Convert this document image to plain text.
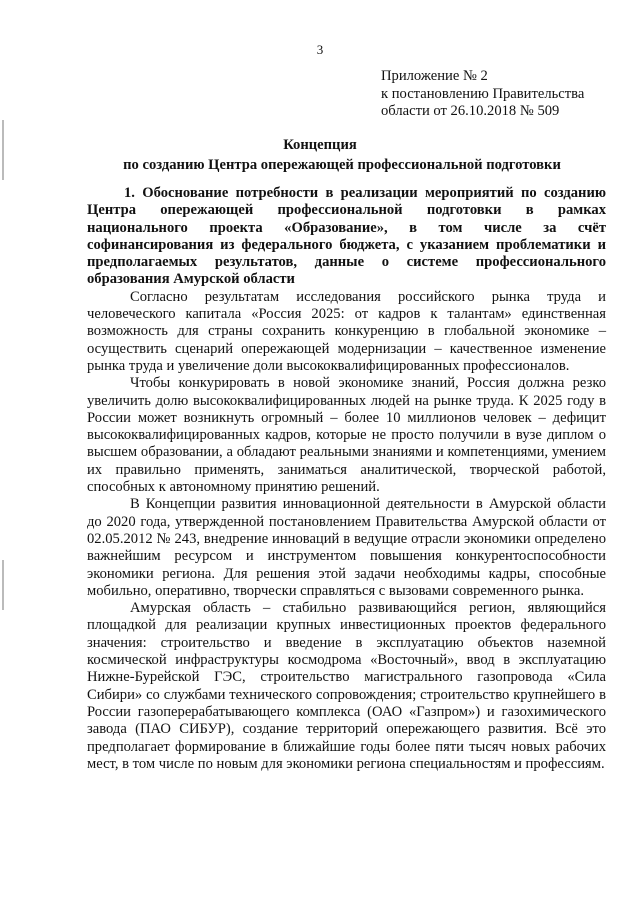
3
Приложение № 2
к постановлению Правительства
области от 26.10.2018 № 509
Концепция
по созданию Центра опережающей профессиональной подготовки

1. Обоснование потребности в реализации мероприятий по созданию Центра опережающей профессиональной подготовки в рамках национального проекта «Образование», в том числе за счёт софинансирования из федерального бюджета, с указанием проблематики и предполагаемых результатов, данные о системе профессионального образования Амурской области

Согласно результатам исследования российского рынка труда и человеческого капитала «Россия 2025: от кадров к талантам» единственная возможность для страны сохранить конкуренцию в глобальной экономике – осуществить сценарий опережающей модернизации – качественное изменение рынка труда и увеличение доли высококвалифицированных профессионалов.

Чтобы конкурировать в новой экономике знаний, Россия должна резко увеличить долю высококвалифицированных людей на рынке труда. К 2025 году в России может возникнуть огромный – более 10 миллионов человек – дефицит высококвалифицированных кадров, которые не просто получили в вузе диплом о высшем образовании, а обладают реальными знаниями и компетенциями, умением их правильно применять, заниматься аналитической, творческой работой, способных к автономному принятию решений.

В Концепции развития инновационной деятельности в Амурской области до 2020 года, утвержденной постановлением Правительства Амурской области от 02.05.2012 № 243, внедрение инноваций в ведущие отрасли экономики определено важнейшим ресурсом и инструментом повышения конкурентоспособности экономики региона. Для решения этой задачи необходимы кадры, способные мобильно, оперативно, творчески справляться с вызовами современного рынка.

Амурская область – стабильно развивающийся регион, являющийся площадкой для реализации крупных инвестиционных проектов федерального значения: строительство и введение в эксплуатацию объектов наземной космической инфраструктуры космодрома «Восточный», ввод в эксплуатацию Нижне-Бурейской ГЭС, строительство магистрального газопровода «Сила Сибири» со службами технического сопровождения; строительство крупнейшего в России газоперерабатывающего комплекса (ОАО «Газпром») и газохимического завода (ПАО СИБУР), создание территорий опережающего развития. Всё это предполагает формирование в ближайшие годы более пяти тысяч новых рабочих мест, в том числе по новым для экономики региона специальностям и профессиям.
